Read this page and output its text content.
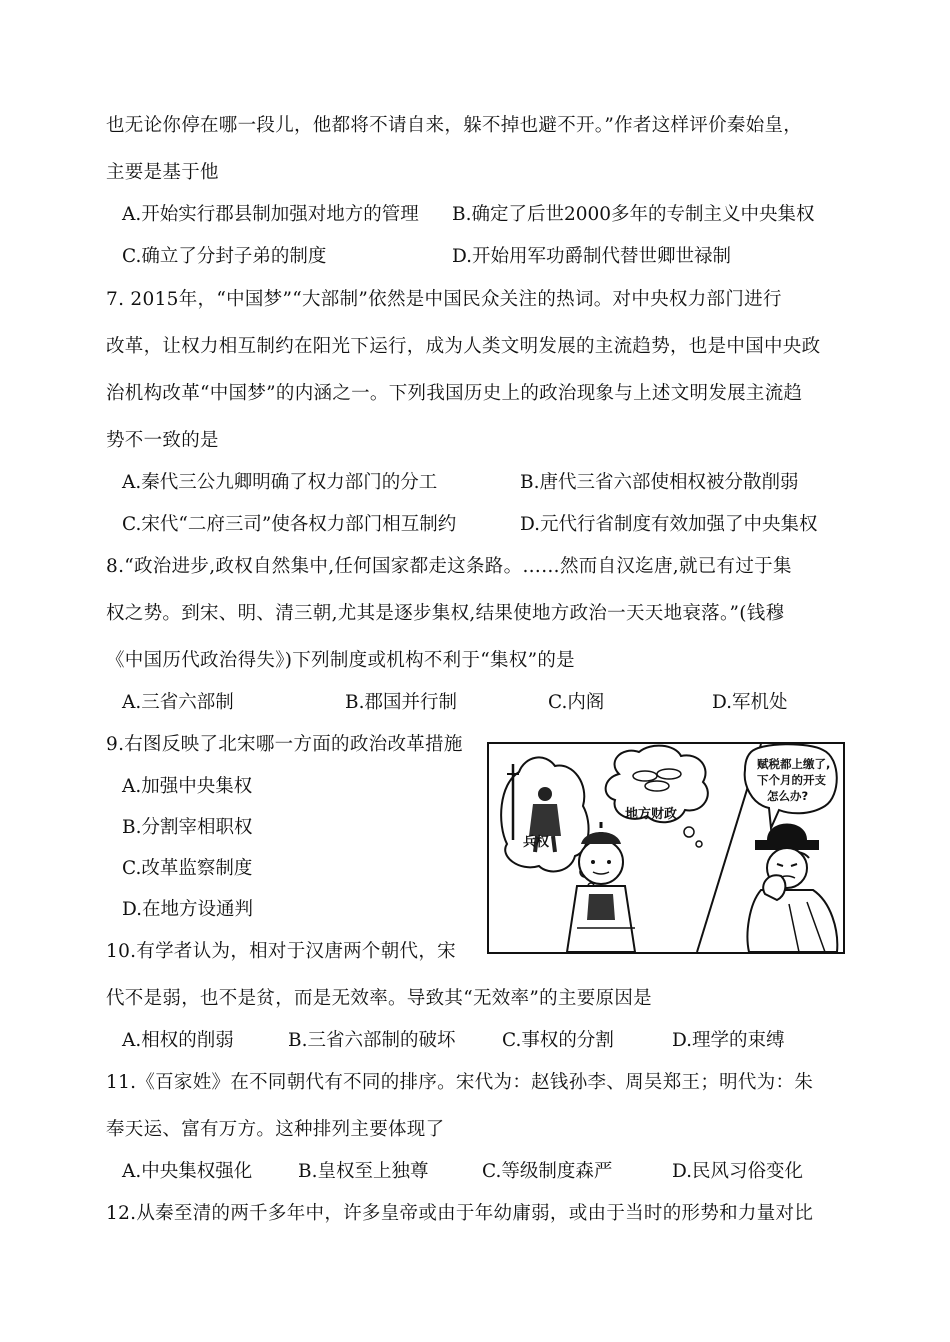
也无论你停在哪一段儿，他都将不请自来，躲不掉也避不开。”作者这样评价秦始皇，
主要是基于他
A.开始实行郡县制加强对地方的管理 B.确定了后世2000多年的专制主义中央集权
C.确立了分封子弟的制度	D.开始用军功爵制代替世卿世禄制
7. 2015年，“中国梦”“大部制”依然是中国民众关注的热词。对中央权力部门进行
改革，让权力相互制约在阳光下运行，成为人类文明发展的主流趋势，也是中国中央政
治机构改革“中国梦”的内涵之一。下列我国历史上的政治现象与上述文明发展主流趋
势不一致的是
A.秦代三公九卿明确了权力部门的分工	B.唐代三省六部使相权被分散削弱
C.宋代“二府三司”使各权力部门相互制约	D.元代行省制度有效加强了中央集权
8.“政治进步,政权自然集中,任何国家都走这条路。……然而自汉迄唐,就已有过于集
权之势。到宋、明、清三朝,尤其是逐步集权,结果使地方政治一天天地衰落。”(钱穆
《中国历代政治得失》)下列制度或机构不利于“集权”的是
A.三省六部制	B.郡国并行制	C.内阁	D.军机处
9.右图反映了北宋哪一方面的政治改革措施
A.加强中央集权
B.分割宰相职权
C.改革监察制度
D.在地方设通判
兵权
地方财政
赋税都上缴了,
下个月的开支
怎么办?
10.有学者认为，相对于汉唐两个朝代，宋
代不是弱，也不是贫，而是无效率。导致其“无效率”的主要原因是
A.相权的削弱	B.三省六部制的破坏	C.事权的分割	D.理学的束缚
11.《百家姓》在不同朝代有不同的排序。宋代为：赵钱孙李、周吴郑王；明代为：朱
奉天运、富有万方。这种排列主要体现了
A.中央集权强化 B.皇权至上独尊	C.等级制度森严	D.民风习俗变化
12.从秦至清的两千多年中，许多皇帝或由于年幼庸弱，或由于当时的形势和力量对比
